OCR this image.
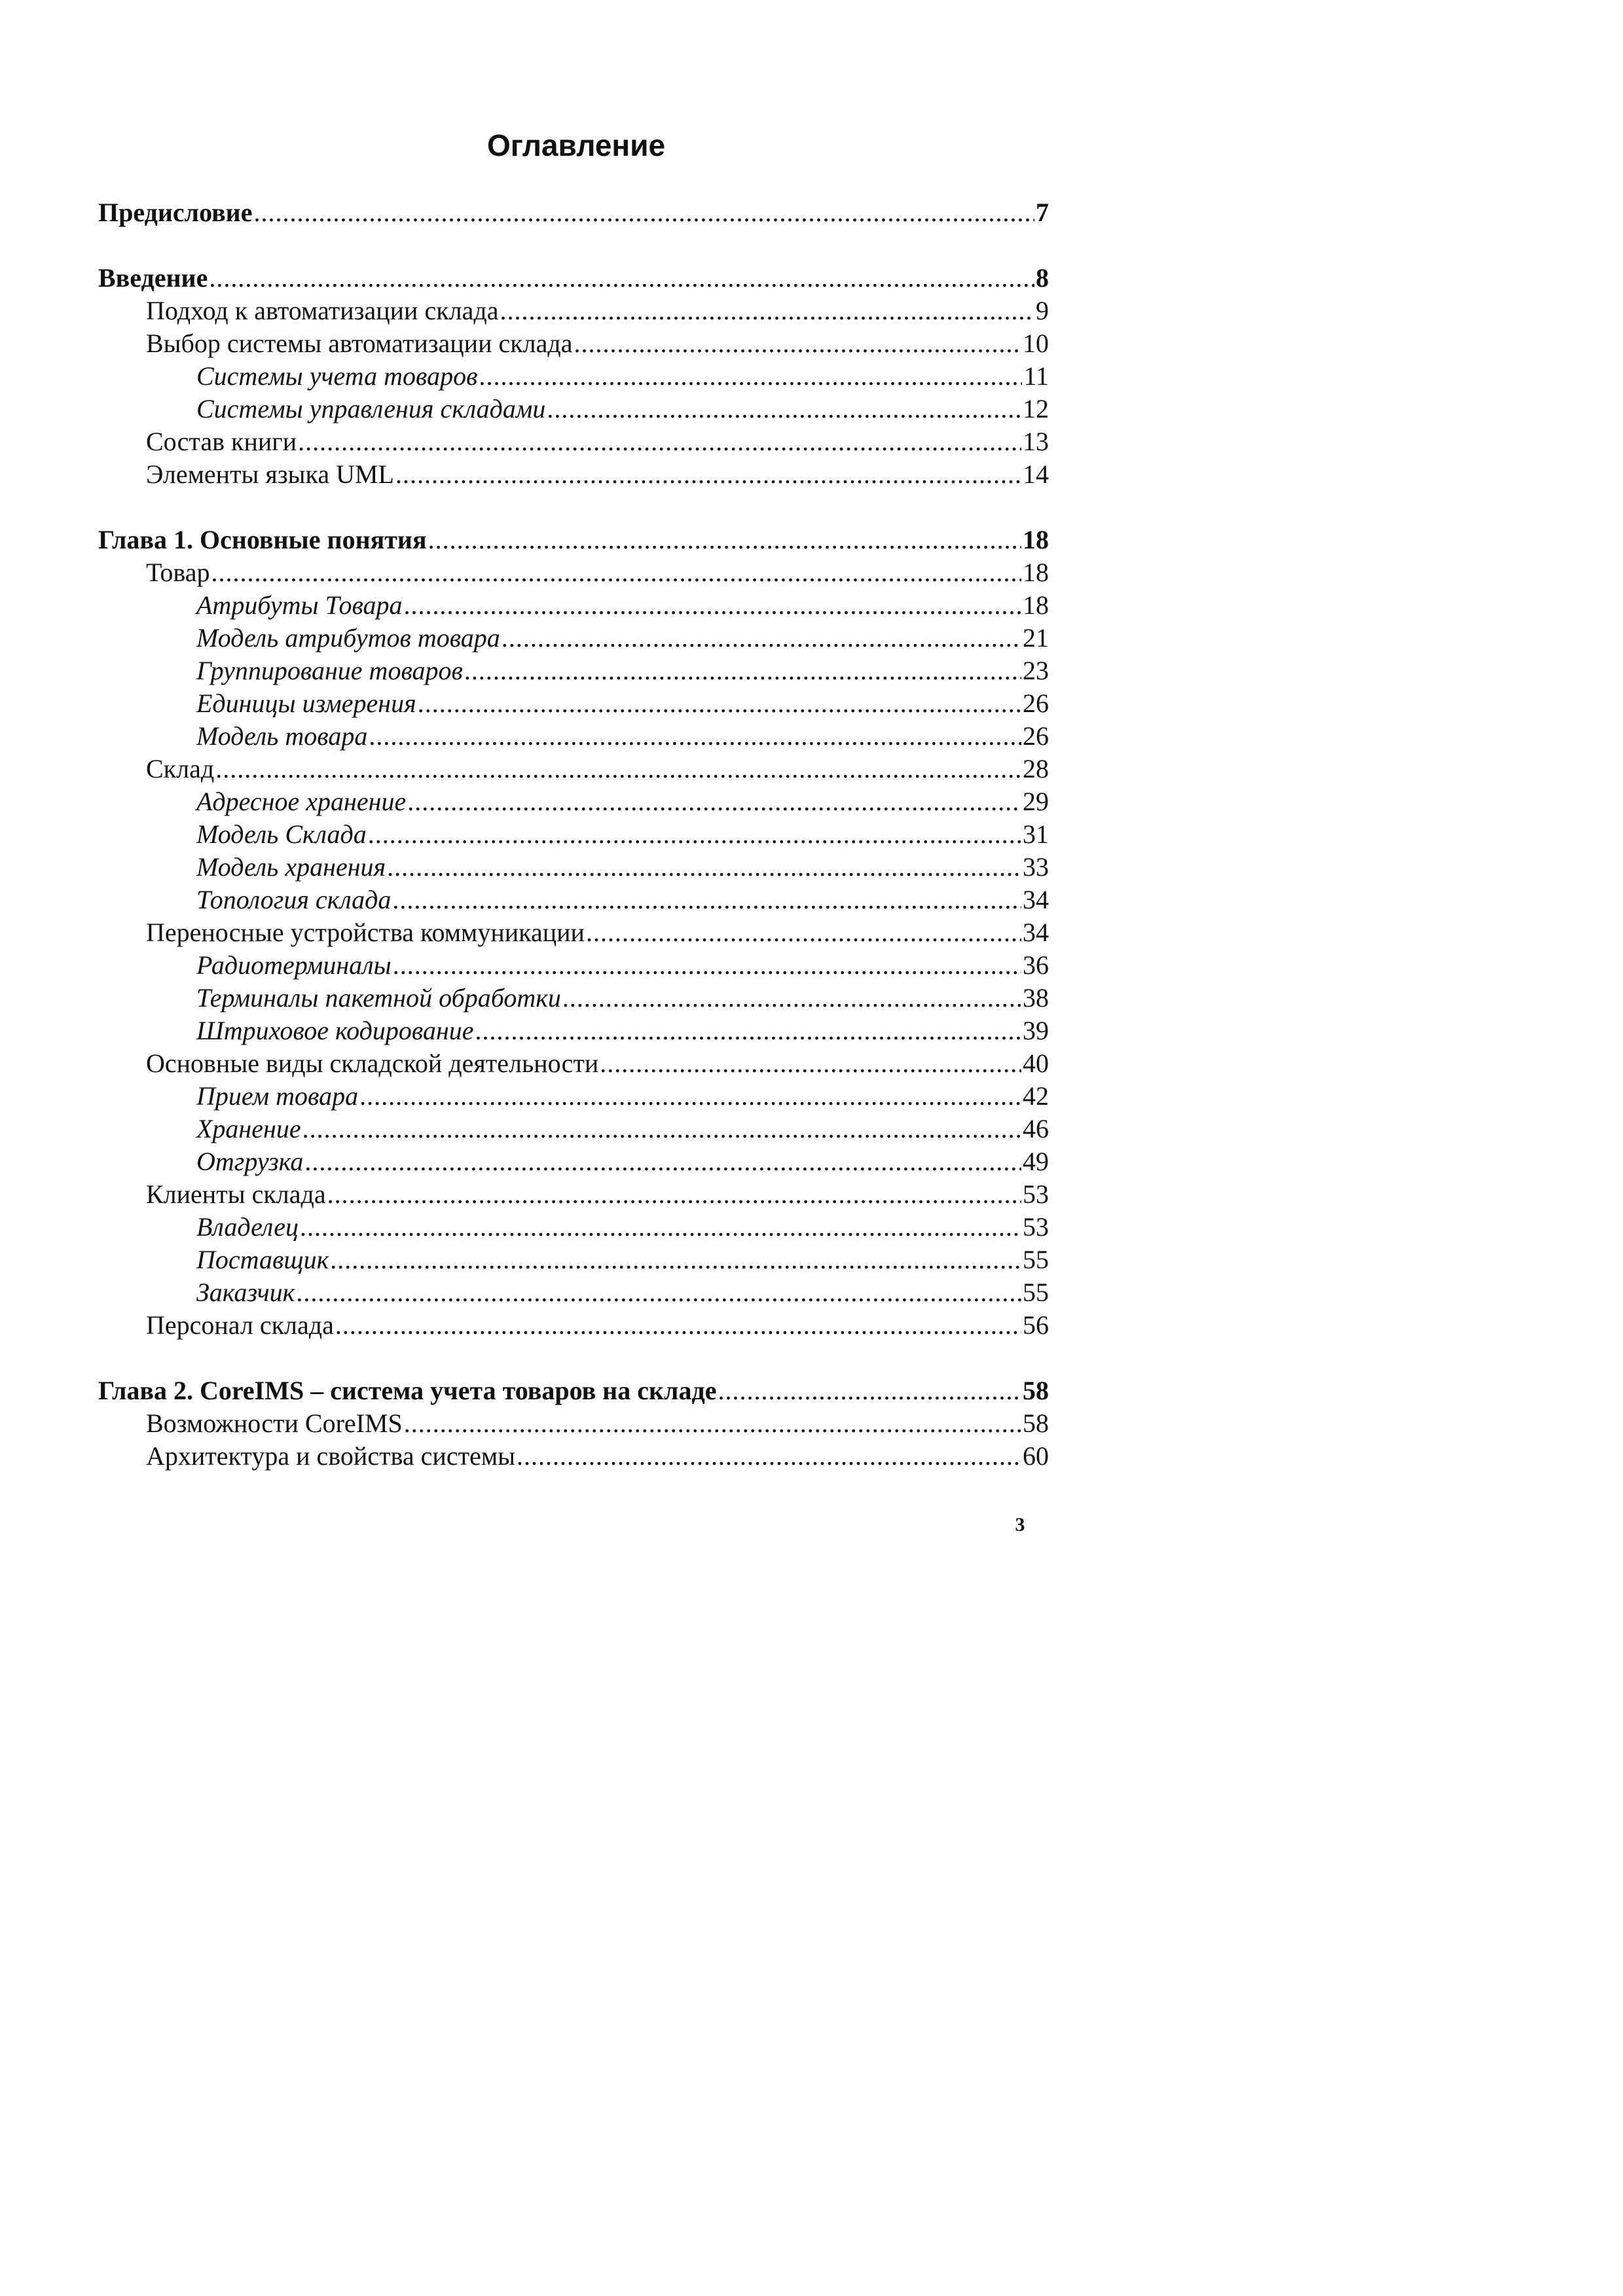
Оглавление
Предисловие .....	7
Введение .....	8
Подход к автоматизации склада .....	9
Выбор системы автоматизации склада .....	10
Системы учета товаров .....	11
Системы управления складами .....	12
Состав книги .....	13
Элементы языка UML .....	14
Глава 1. Основные понятия .....	18
Товар .....	18
Атрибуты Товара .....	18
Модель атрибутов товара .....	21
Группирование товаров .....	23
Единицы измерения .....	26
Модель товара .....	26
Склад .....	28
Адресное хранение .....	29
Модель Склада .....	31
Модель хранения .....	33
Топология склада .....	34
Переносные устройства коммуникации .....	34
Радиотерминалы .....	36
Терминалы пакетной обработки .....	38
Штриховое кодирование .....	39
Основные виды складской деятельности .....	40
Прием товара .....	42
Хранение .....	46
Отгрузка .....	49
Клиенты склада .....	53
Владелец .....	53
Поставщик .....	55
Заказчик .....	55
Персонал склада .....	56
Глава 2. CoreIMS – система учета товаров на складе .....	58
Возможности CoreIMS .....	58
Архитектура и свойства системы .....	60
3
